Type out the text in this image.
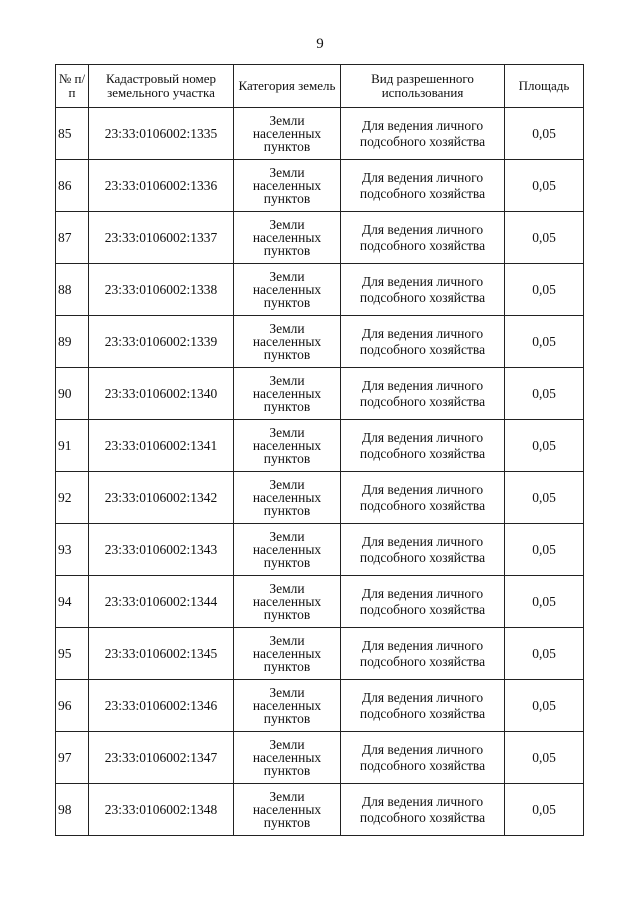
9
№ п/п	Кадастровый номер земельного участка	Категория земель	Вид разрешенного использования	Площадь
85	23:33:0106002:1335	Земли населенных пунктов	Для ведения личного подсобного хозяйства	0,05
86	23:33:0106002:1336	Земли населенных пунктов	Для ведения личного подсобного хозяйства	0,05
87	23:33:0106002:1337	Земли населенных пунктов	Для ведения личного подсобного хозяйства	0,05
88	23:33:0106002:1338	Земли населенных пунктов	Для ведения личного подсобного хозяйства	0,05
89	23:33:0106002:1339	Земли населенных пунктов	Для ведения личного подсобного хозяйства	0,05
90	23:33:0106002:1340	Земли населенных пунктов	Для ведения личного подсобного хозяйства	0,05
91	23:33:0106002:1341	Земли населенных пунктов	Для ведения личного подсобного хозяйства	0,05
92	23:33:0106002:1342	Земли населенных пунктов	Для ведения личного подсобного хозяйства	0,05
93	23:33:0106002:1343	Земли населенных пунктов	Для ведения личного подсобного хозяйства	0,05
94	23:33:0106002:1344	Земли населенных пунктов	Для ведения личного подсобного хозяйства	0,05
95	23:33:0106002:1345	Земли населенных пунктов	Для ведения личного подсобного хозяйства	0,05
96	23:33:0106002:1346	Земли населенных пунктов	Для ведения личного подсобного хозяйства	0,05
97	23:33:0106002:1347	Земли населенных пунктов	Для ведения личного подсобного хозяйства	0,05
98	23:33:0106002:1348	Земли населенных пунктов	Для ведения личного подсобного хозяйства	0,05
